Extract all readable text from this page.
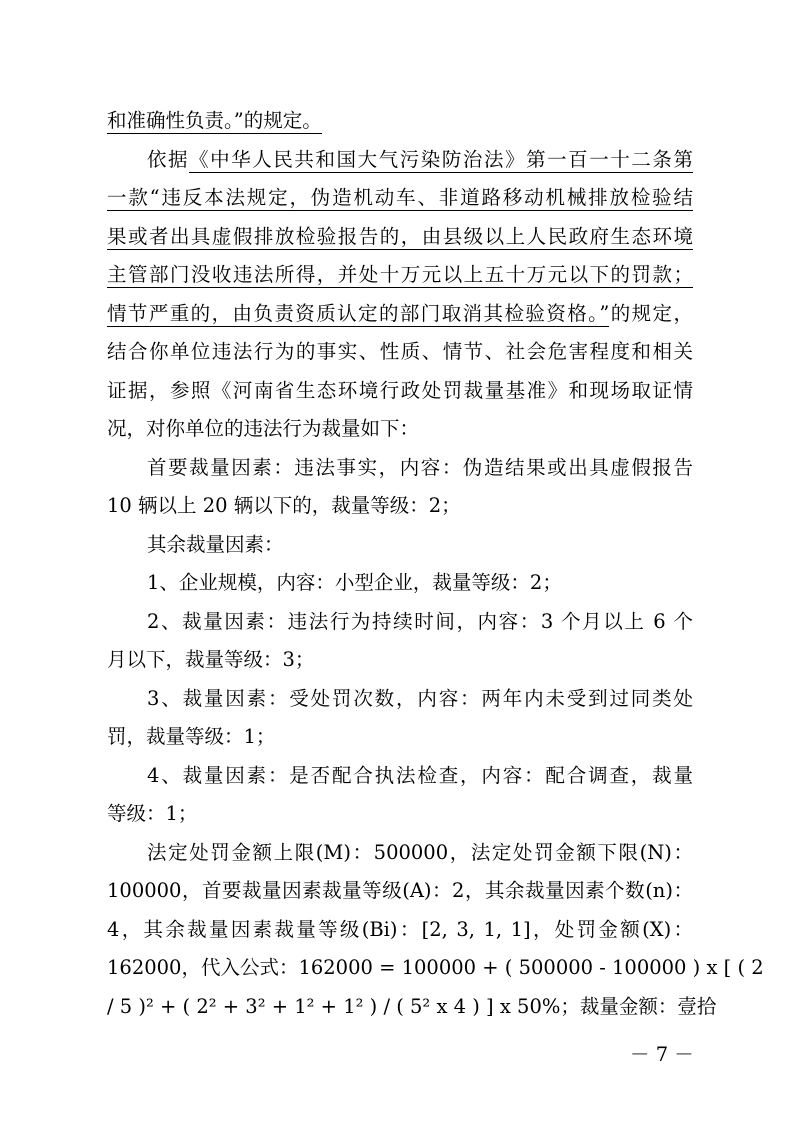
和准确性负责。”的规定。
依据《中华人民共和国大气污染防治法》第一百一十二条第
一款“违反本法规定，伪造机动车、非道路移动机械排放检验结
果或者出具虚假排放检验报告的，由县级以上人民政府生态环境
主管部门没收违法所得，并处十万元以上五十万元以下的罚款；
情节严重的，由负责资质认定的部门取消其检验资格。”的规定，
结合你单位违法行为的事实、性质、情节、社会危害程度和相关
证据，参照《河南省生态环境行政处罚裁量基准》和现场取证情
况，对你单位的违法行为裁量如下：
首要裁量因素：违法事实，内容：伪造结果或出具虚假报告
10 辆以上 20 辆以下的，裁量等级：2；
其余裁量因素：
1、企业规模，内容：小型企业，裁量等级：2；
2、裁量因素：违法行为持续时间，内容：3 个月以上 6 个
月以下，裁量等级：3；
3、裁量因素：受处罚次数，内容：两年内未受到过同类处
罚，裁量等级：1；
4、裁量因素：是否配合执法检查，内容：配合调查，裁量
等级：1；
法定处罚金额上限(M)：500000，法定处罚金额下限(N)：
100000，首要裁量因素裁量等级(A)：2，其余裁量因素个数(n)：
4，其余裁量因素裁量等级(Bi)：[2, 3, 1, 1]，处罚金额(X)：
162000，代入公式：162000 = 100000 + ( 500000 - 100000 ) x [ ( 2
/ 5 )² + ( 2² + 3² + 1² + 1² ) / ( 5² x 4 ) ] x 50%；裁量金额：壹拾
－ 7 －
